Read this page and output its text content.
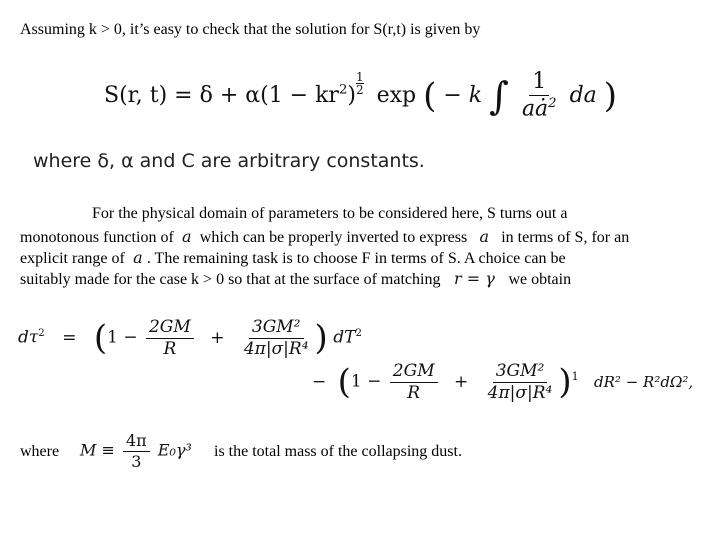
Assuming k > 0, it’s easy to check that the solution for S(r,t) is given by
S(r, $t) = \delta + \alpha(1 - kr^2)$ $^{\frac{1}{2}}$ exp ( − k ∫ $\frac{1}{aȧ^2}$ da )
where δ, α and C are arbitrary constants.
For the physical domain of parameters to be considered here, S turns out a
monotonous function of a which can be properly inverted to express a in terms of S, for an
explicit range of a . The remaining task is to choose F in terms of S. A choice can be
suitably made for the case k > 0 so that at the surface of matching r = γ we obtain
$d\tau^2 = (1 - \frac{2GM}{R} + \frac{\text{3GM²}}{\text{4π|σ|R⁴}}$ ) $dT^2$
− $(1 - \frac{2GM}{R} + \frac{\text{3GM²}}{\text{4π|σ|R⁴}} )^1$ dR² − R²dΩ²,
where $M \equiv \frac{4\pi}{3} E_0\gamma^3$ is the total mass of the collapsing dust.
